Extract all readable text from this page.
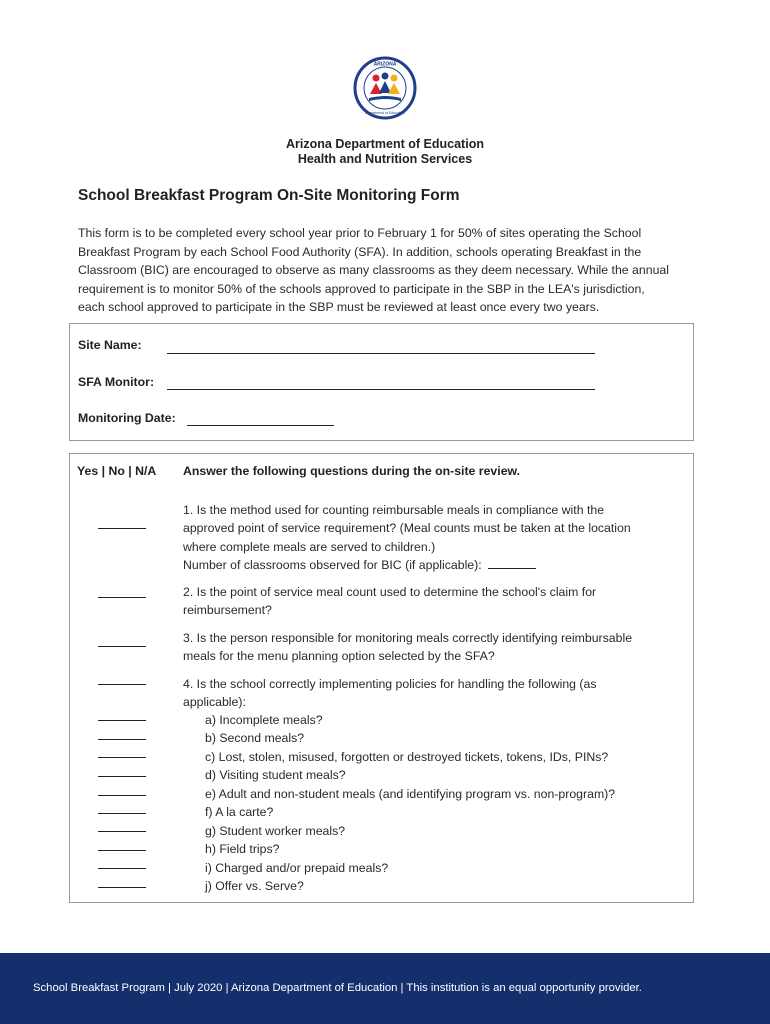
ARIZONA
Department of Education
Arizona Department of Education
Health and Nutrition Services
School Breakfast Program On-Site Monitoring Form
This form is to be completed every school year prior to February 1 for 50% of sites operating the School
Breakfast Program by each School Food Authority (SFA). In addition, schools operating Breakfast in the
Classroom (BIC) are encouraged to observe as many classrooms as they deem necessary. While the annual
requirement is to monitor 50% of the schools approved to participate in the SBP in the LEA's jurisdiction,
each school approved to participate in the SBP must be reviewed at least once every two years.
Site Name:
SFA Monitor:
Monitoring Date:
Yes | No | N/A Answer the following questions during the on-site review.
1. Is the method used for counting reimbursable meals in compliance with the
approved point of service requirement? (Meal counts must be taken at the location
where complete meals are served to children.)
Number of classrooms observed for BIC (if applicable):
2. Is the point of service meal count used to determine the school's claim for
reimbursement?
3. Is the person responsible for monitoring meals correctly identifying reimbursable
meals for the menu planning option selected by the SFA?
4. Is the school correctly implementing policies for handling the following (as
applicable):
a) Incomplete meals?
b) Second meals?
c) Lost, stolen, misused, forgotten or destroyed tickets, tokens, IDs, PINs?
d) Visiting student meals?
e) Adult and non-student meals (and identifying program vs. non-program)?
f) A la carte?
g) Student worker meals?
h) Field trips?
i) Charged and/or prepaid meals?
j) Offer vs. Serve?
School Breakfast Program | July 2020 | Arizona Department of Education | This institution is an equal opportunity provider.
